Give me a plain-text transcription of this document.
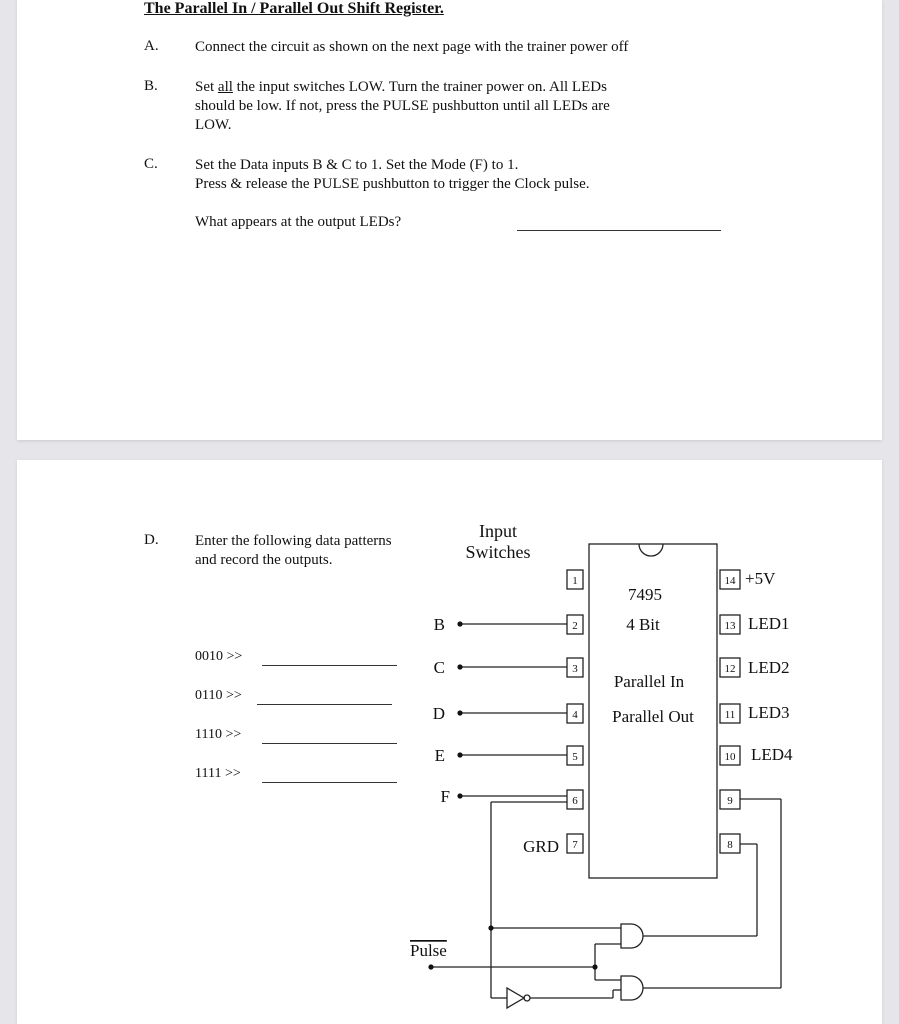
The Parallel In / Parallel Out Shift Register.
A. Connect the circuit as shown on the next page with the trainer power off
B. Set all the input switches LOW. Turn the trainer power on. All LEDs
should be low. If not, press the PULSE pushbutton until all LEDs are
LOW.
C. Set the Data inputs B & C to 1. Set the Mode (F) to 1.
Press & release the PULSE pushbutton to trigger the Clock pulse.
What appears at the output LEDs?
D. Enter the following data patterns
and record the outputs.
0010 >>
0110 >>
1110 >>
1111 >>
Input
Switches
7495
4 Bit
Parallel In
Parallel Out
B
C
D
E
F
1
2
3
4
5
6
7
14
13
12
11
10
9
8
+5V
LED1
LED2
LED3
LED4
GRD
Pulse
